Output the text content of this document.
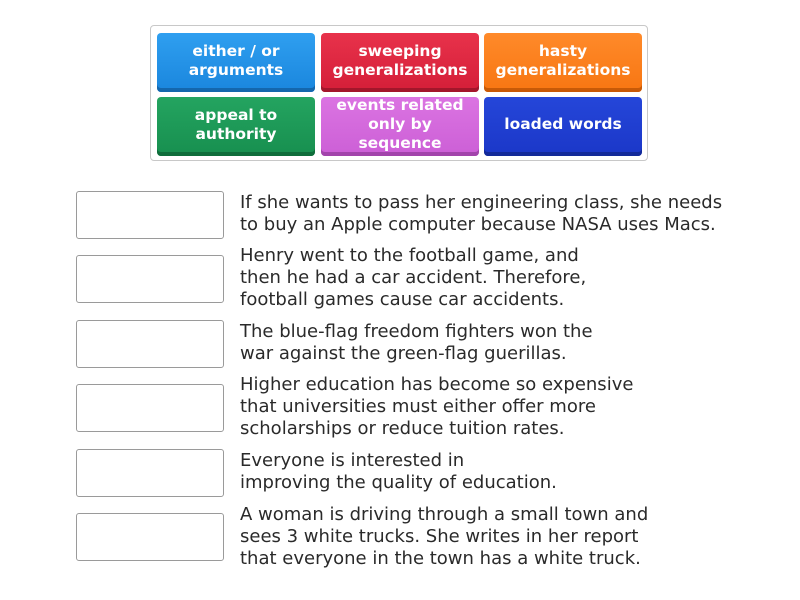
either / or
arguments
sweeping
generalizations
hasty
generalizations
appeal to
authority
events related
only by sequence
loaded words
If she wants to pass her engineering class, she needs
to buy an Apple computer because NASA uses Macs.
Henry went to the football game, and
then he had a car accident. Therefore,
football games cause car accidents.
The blue-flag freedom fighters won the
war against the green-flag guerillas.
Higher education has become so expensive
that universities must either offer more
scholarships or reduce tuition rates.
Everyone is interested in
improving the quality of education.
A woman is driving through a small town and
sees 3 white trucks. She writes in her report
that everyone in the town has a white truck.
